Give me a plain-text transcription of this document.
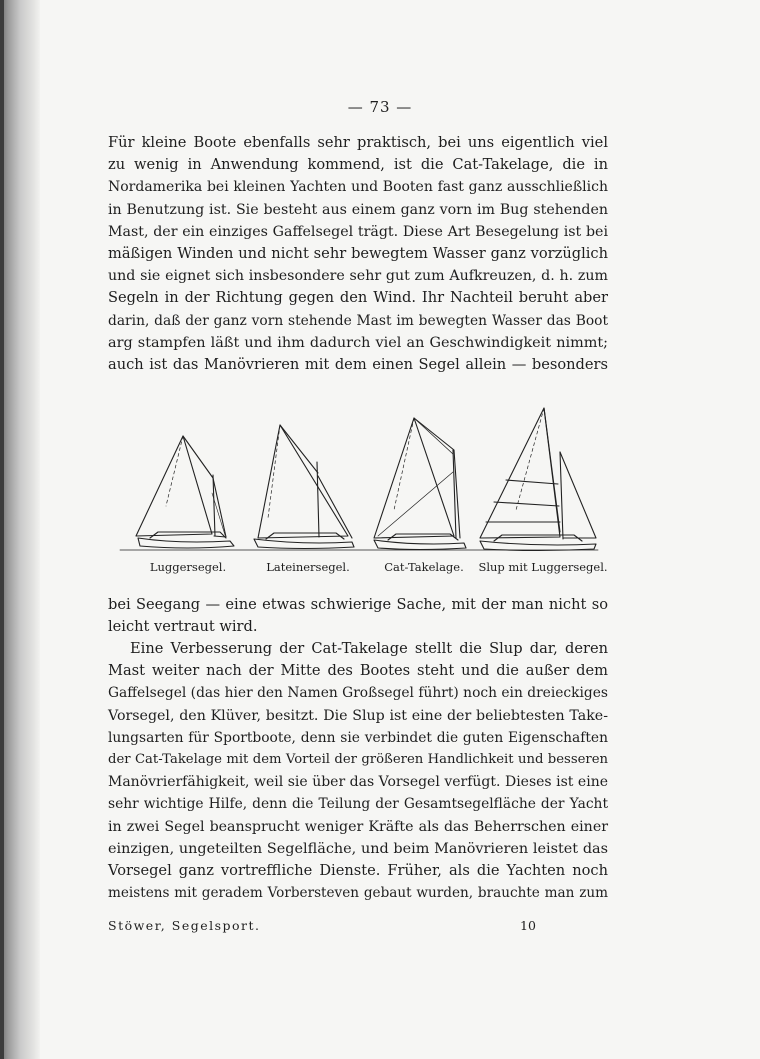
— 73 —
Für kleine Boote ebenfalls sehr praktisch, bei uns eigentlich viel
zu wenig in Anwendung kommend, ist die Cat-Takelage, die in
Nordamerika bei kleinen Yachten und Booten fast ganz ausschließlich
in Benutzung ist. Sie besteht aus einem ganz vorn im Bug stehenden
Mast, der ein einziges Gaffelsegel trägt. Diese Art Besegelung ist bei
mäßigen Winden und nicht sehr bewegtem Wasser ganz vorzüglich
und sie eignet sich insbesondere sehr gut zum Aufkreuzen, d. h. zum
Segeln in der Richtung gegen den Wind. Ihr Nachteil beruht aber
darin, daß der ganz vorn stehende Mast im bewegten Wasser das Boot
arg stampfen läßt und ihm dadurch viel an Geschwindigkeit nimmt;
auch ist das Manövrieren mit dem einen Segel allein — besonders
Luggersegel.	Lateinersegel.	Cat-Takelage.	Slup mit Luggersegel.
bei Seegang — eine etwas schwierige Sache, mit der man nicht so
leicht vertraut wird.
Eine Verbesserung der Cat-Takelage stellt die Slup dar, deren
Mast weiter nach der Mitte des Bootes steht und die außer dem
Gaffelsegel (das hier den Namen Großsegel führt) noch ein dreieckiges
Vorsegel, den Klüver, besitzt. Die Slup ist eine der beliebtesten Take-
lungsarten für Sportboote, denn sie verbindet die guten Eigenschaften
der Cat-Takelage mit dem Vorteil der größeren Handlichkeit und besseren
Manövrierfähigkeit, weil sie über das Vorsegel verfügt. Dieses ist eine
sehr wichtige Hilfe, denn die Teilung der Gesamtsegelfläche der Yacht
in zwei Segel beansprucht weniger Kräfte als das Beherrschen einer
einzigen, ungeteilten Segelfläche, und beim Manövrieren leistet das
Vorsegel ganz vortreffliche Dienste. Früher, als die Yachten noch
meistens mit geradem Vorbersteven gebaut wurden, brauchte man zum
Stöwer, Segelsport.	10
